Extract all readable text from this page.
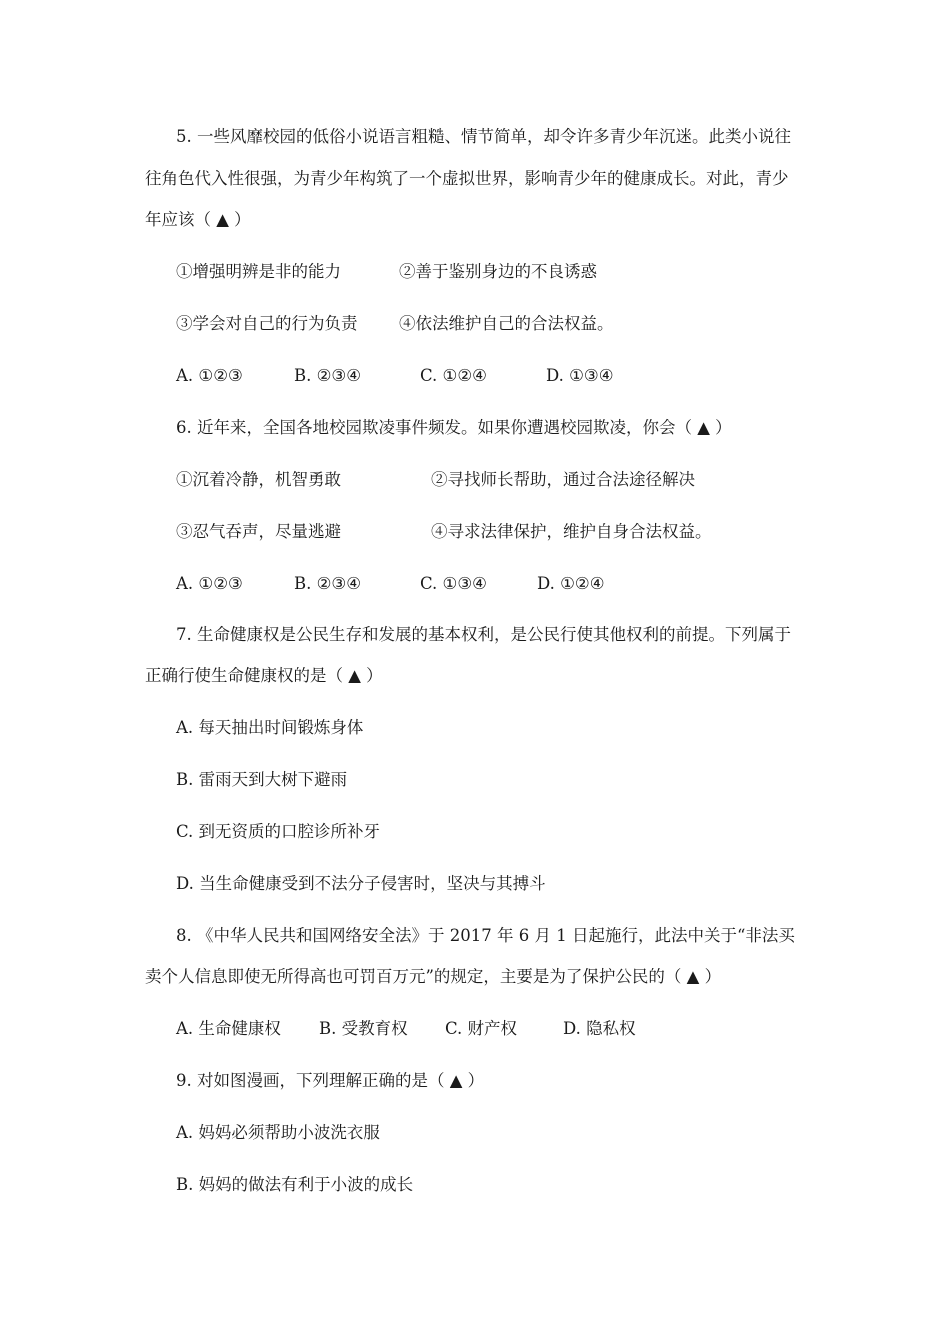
5. 一些风靡校园的低俗小说语言粗糙、情节简单，却令许多青少年沉迷。此类小说往
往角色代入性很强，为青少年构筑了一个虚拟世界，影响青少年的健康成长。对此，青少
年应该（ ▲ ）
①增强明辨是非的能力	②善于鉴别身边的不良诱惑
③学会对自己的行为负责	④依法维护自己的合法权益。
A. ①②③	B. ②③④	C. ①②④	D. ①③④
6. 近年来，全国各地校园欺凌事件频发。如果你遭遇校园欺凌，你会（ ▲ ）
①沉着冷静，机智勇敢	②寻找师长帮助，通过合法途径解决
③忍气吞声，尽量逃避	④寻求法律保护，维护自身合法权益。
A. ①②③	B. ②③④	C. ①③④	D. ①②④
7. 生命健康权是公民生存和发展的基本权利，是公民行使其他权利的前提。下列属于
正确行使生命健康权的是（ ▲ ）
A. 每天抽出时间锻炼身体
B. 雷雨天到大树下避雨
C. 到无资质的口腔诊所补牙
D. 当生命健康受到不法分子侵害时，坚决与其搏斗
8. 《中华人民共和国网络安全法》于 2017 年 6 月 1 日起施行，此法中关于“非法买
卖个人信息即使无所得高也可罚百万元”的规定，主要是为了保护公民的（ ▲ ）
A. 生命健康权 B. 受教育权 C. 财产权	D. 隐私权
9. 对如图漫画，下列理解正确的是（ ▲ ）
A. 妈妈必须帮助小波洗衣服
B. 妈妈的做法有利于小波的成长
